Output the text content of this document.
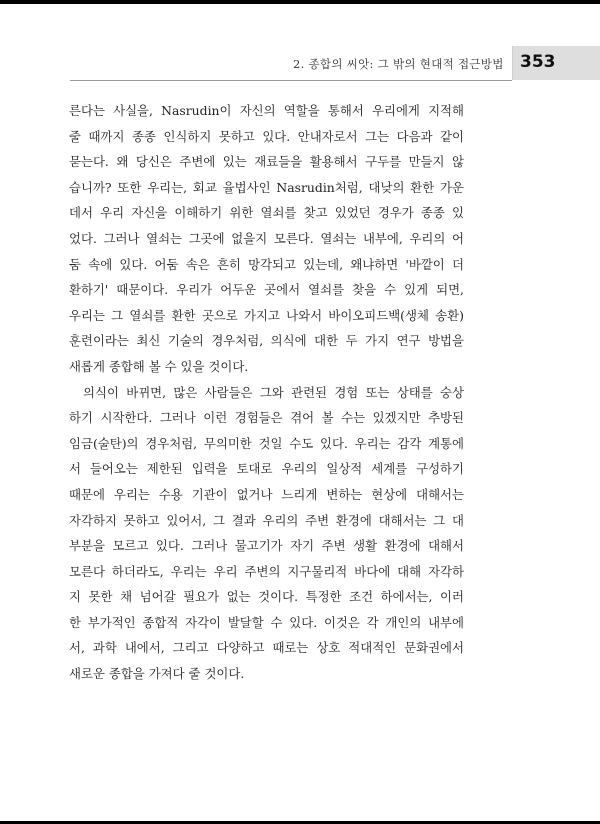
2. 종합의 씨앗: 그 밖의 현대적 접근방법 353
른다는 사실을, Nasrudin이 자신의 역할을 통해서 우리에게 지적해
줄 때까지 종종 인식하지 못하고 있다. 안내자로서 그는 다음과 같이
묻는다. 왜 당신은 주변에 있는 재료들을 활용해서 구두를 만들지 않
습니까? 또한 우리는, 회교 율법사인 Nasrudin처럼, 대낮의 환한 가운
데서 우리 자신을 이해하기 위한 열쇠를 찾고 있었던 경우가 종종 있
었다. 그러나 열쇠는 그곳에 없을지 모른다. 열쇠는 내부에, 우리의 어
둠 속에 있다. 어둠 속은 흔히 망각되고 있는데, 왜냐하면 '바깥이 더
환하기' 때문이다. 우리가 어두운 곳에서 열쇠를 찾을 수 있게 되면,
우리는 그 열쇠를 환한 곳으로 가지고 나와서 바이오피드백(생체 송환)
훈련이라는 최신 기술의 경우처럼, 의식에 대한 두 가지 연구 방법을
새롭게 종합해 볼 수 있을 것이다.
의식이 바뀌면, 많은 사람들은 그와 관련된 경험 또는 상태를 숭상
하기 시작한다. 그러나 이런 경험들은 겪어 볼 수는 있겠지만 추방된
임금(술탄)의 경우처럼, 무의미한 것일 수도 있다. 우리는 감각 계통에
서 들어오는 제한된 입력을 토대로 우리의 일상적 세계를 구성하기
때문에 우리는 수용 기관이 없거나 느리게 변하는 현상에 대해서는
자각하지 못하고 있어서, 그 결과 우리의 주변 환경에 대해서는 그 대
부분을 모르고 있다. 그러나 물고기가 자기 주변 생활 환경에 대해서
모른다 하더라도, 우리는 우리 주변의 지구물리적 바다에 대해 자각하
지 못한 채 넘어갈 필요가 없는 것이다. 특정한 조건 하에서는, 이러
한 부가적인 종합적 자각이 발달할 수 있다. 이것은 각 개인의 내부에
서, 과학 내에서, 그리고 다양하고 때로는 상호 적대적인 문화권에서
새로운 종합을 가져다 줄 것이다.
